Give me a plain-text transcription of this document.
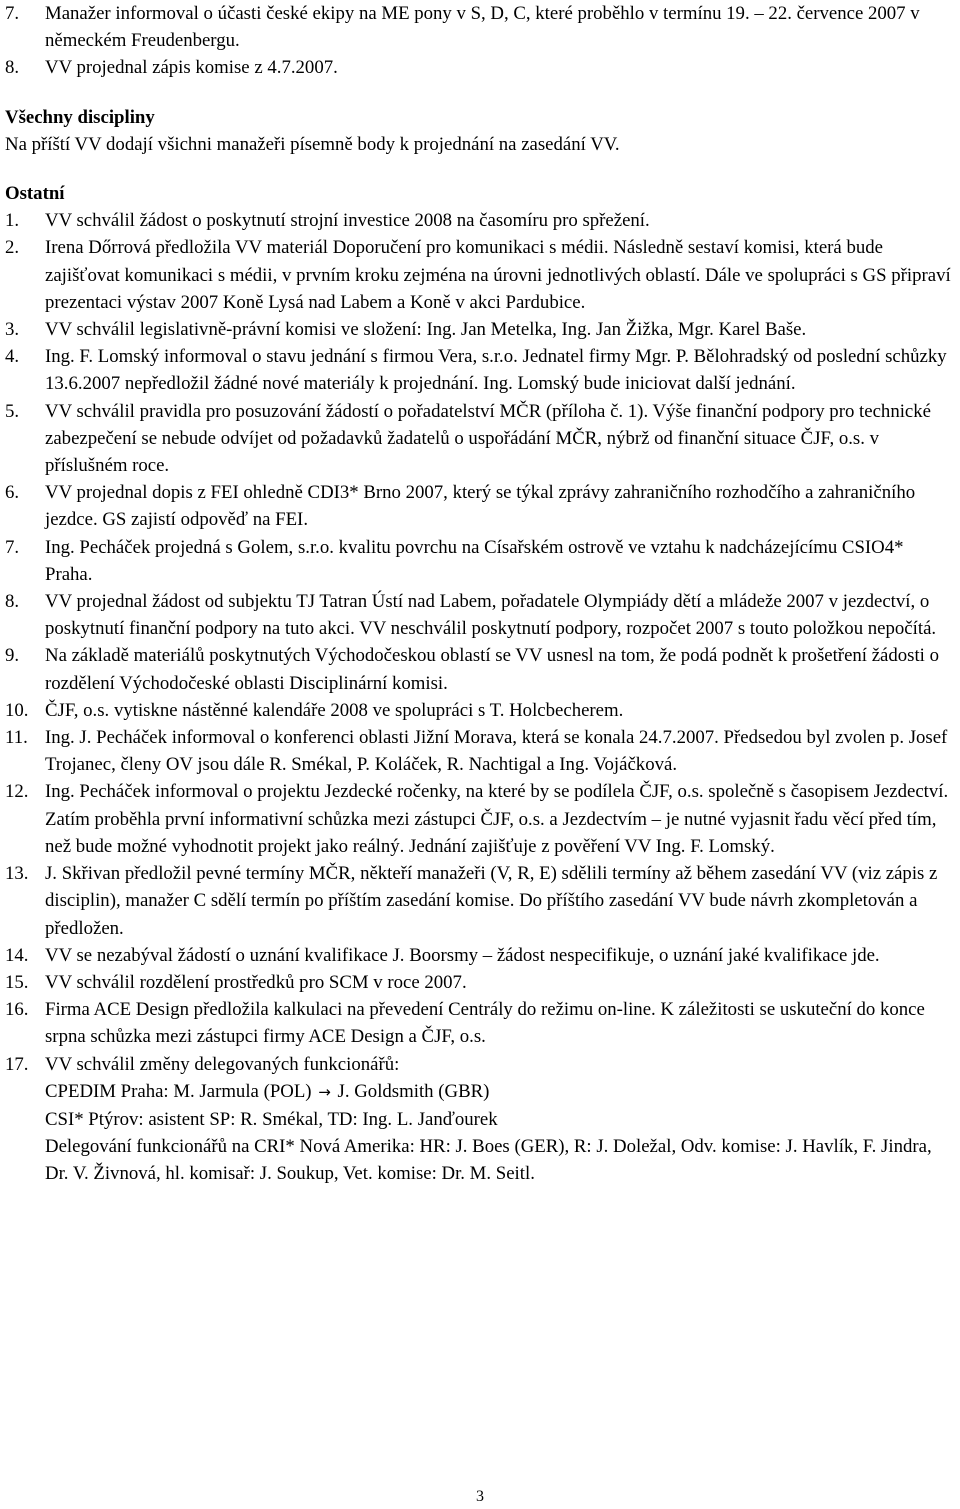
7. Manažer informoval o účasti české ekipy na ME pony v S, D, C, které proběhlo v termínu 19. – 22. července 2007 v německém Freudenbergu.
8. VV projednal zápis komise z 4.7.2007.
Všechny discipliny
Na příští VV dodají všichni manažeři písemně body k projednání na zasedání VV.
Ostatní
1. VV schválil žádost o poskytnutí strojní investice 2008 na časomíru pro spřežení.
2. Irena Dőrrová předložila VV materiál Doporučení pro komunikaci s médii. Následně sestaví komisi, která bude zajišťovat komunikaci s médii, v prvním kroku zejména na úrovni jednotlivých oblastí. Dále ve spolupráci s GS připraví prezentaci výstav 2007 Koně Lysá nad Labem a Koně v akci Pardubice.
3. VV schválil legislativně-právní komisi ve složení: Ing. Jan Metelka, Ing. Jan Žižka, Mgr. Karel Baše.
4. Ing. F. Lomský informoval o stavu jednání s firmou Vera, s.r.o. Jednatel firmy Mgr. P. Bělohradský od poslední schůzky 13.6.2007 nepředložil žádné nové materiály k projednání. Ing. Lomský bude iniciovat další jednání.
5. VV schválil pravidla pro posuzování žádostí o pořadatelství MČR (příloha č. 1). Výše finanční podpory pro technické zabezpečení se nebude odvíjet od požadavků žadatelů o uspořádání MČR, nýbrž od finanční situace ČJF, o.s. v příslušném roce.
6. VV projednal dopis z FEI ohledně CDI3* Brno 2007, který se týkal zprávy zahraničního rozhodčího a zahraničního jezdce. GS zajistí odpověď na FEI.
7. Ing. Pecháček projedná s Golem, s.r.o. kvalitu povrchu na Císařském ostrově ve vztahu k nadcházejícímu CSIO4* Praha.
8. VV projednal žádost od subjektu TJ Tatran Ústí nad Labem, pořadatele Olympiády dětí a mládeže 2007 v jezdectví, o poskytnutí finanční podpory na tuto akci. VV neschválil poskytnutí podpory, rozpočet 2007 s touto položkou nepočítá.
9. Na základě materiálů poskytnutých Východočeskou oblastí se VV usnesl na tom, že podá podnět k prošetření žádosti o rozdělení Východočeské oblasti Disciplinární komisi.
10. ČJF, o.s. vytiskne nástěnné kalendáře 2008 ve spolupráci s T. Holcbecherem.
11. Ing. J. Pecháček informoval o konferenci oblasti Jižní Morava, která se konala 24.7.2007. Předsedou byl zvolen p. Josef Trojanec, členy OV jsou dále R. Smékal, P. Koláček, R. Nachtigal a Ing. Vojáčková.
12. Ing. Pecháček informoval o projektu Jezdecké ročenky, na které by se podílela ČJF, o.s. společně s časopisem Jezdectví. Zatím proběhla první informativní schůzka mezi zástupci ČJF, o.s. a Jezdectvím – je nutné vyjasnit řadu věcí před tím, než bude možné vyhodnotit projekt jako reálný. Jednání zajišťuje z pověření VV Ing. F. Lomský.
13. J. Skřivan předložil pevné termíny MČR, někteří manažeři (V, R, E) sdělili termíny až během zasedání VV (viz zápis z disciplin), manažer C sdělí termín po příštím zasedání komise. Do příštího zasedání VV bude návrh zkompletován a předložen.
14. VV se nezabýval žádostí o uznání kvalifikace J. Boorsmy – žádost nespecifikuje, o uznání jaké kvalifikace jde.
15. VV schválil rozdělení prostředků pro SCM v roce 2007.
16. Firma ACE Design předložila kalkulaci na převedení Centrály do režimu on-line. K záležitosti se uskuteční do konce srpna schůzka mezi zástupci firmy ACE Design a ČJF, o.s.
17. VV schválil změny delegovaných funkcionářů:
CPEDIM Praha: M. Jarmula (POL) → J. Goldsmith (GBR)
CSI* Ptýrov: asistent SP: R. Smékal, TD: Ing. L. Janďourek
Delegování funkcionářů na CRI* Nová Amerika: HR: J. Boes (GER), R: J. Doležal, Odv. komise: J. Havlík, F. Jindra, Dr. V. Živnová, hl. komisař: J. Soukup, Vet. komise: Dr. M. Seitl.
3
